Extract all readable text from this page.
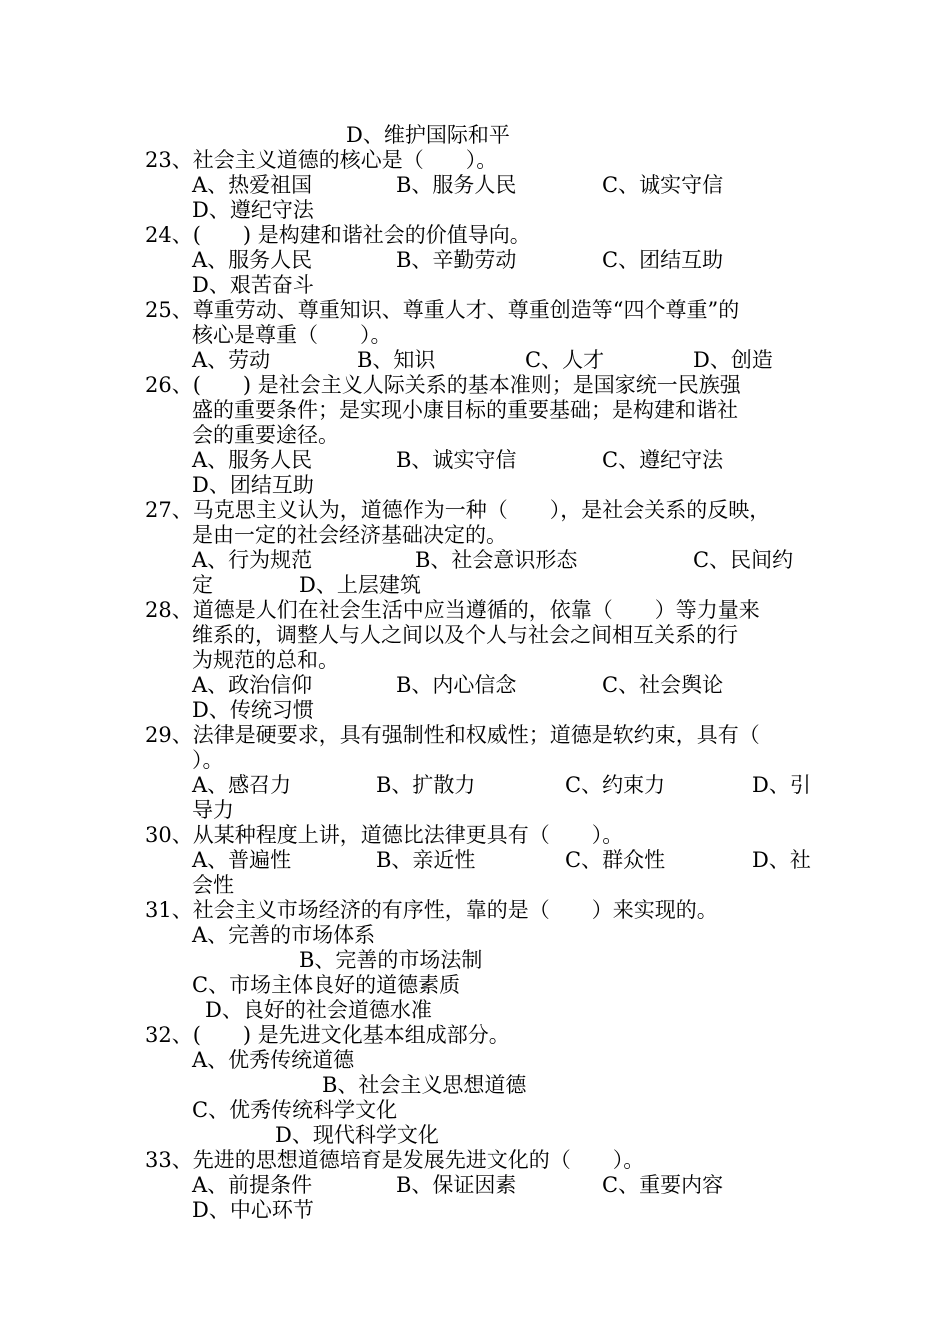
D、维护国际和平
23、社会主义道德的核心是（　　）。
A、热爱祖国	B、服务人民	C、诚实守信
D、遵纪守法
24、(　　) 是构建和谐社会的价值导向。
A、服务人民	B、辛勤劳动	C、团结互助
D、艰苦奋斗
25、尊重劳动、尊重知识、尊重人才、尊重创造等“四个尊重”的
核心是尊重（　　）。
A、劳动	B、知识	C、人才	D、创造
26、(　　) 是社会主义人际关系的基本准则；是国家统一民族强
盛的重要条件；是实现小康目标的重要基础；是构建和谐社
会的重要途径。
A、服务人民	B、诚实守信	C、遵纪守法
D、团结互助
27、马克思主义认为，道德作为一种（　　），是社会关系的反映，
是由一定的社会经济基础决定的。
A、行为规范	B、社会意识形态	C、民间约
定	D、上层建筑
28、道德是人们在社会生活中应当遵循的，依靠（　　）等力量来
维系的，调整人与人之间以及个人与社会之间相互关系的行
为规范的总和。
A、政治信仰	B、内心信念	C、社会舆论
D、传统习惯
29、法律是硬要求，具有强制性和权威性；道德是软约束，具有（
）。
A、感召力	B、扩散力	C、约束力	D、引
导力
30、从某种程度上讲，道德比法律更具有（　　）。
A、普遍性	B、亲近性	C、群众性	D、社
会性
31、社会主义市场经济的有序性，靠的是（　　）来实现的。
A、完善的市场体系
B、完善的市场法制
C、市场主体良好的道德素质
D、良好的社会道德水准
32、(　　) 是先进文化基本组成部分。
A、优秀传统道德
B、社会主义思想道德
C、优秀传统科学文化
D、现代科学文化
33、先进的思想道德培育是发展先进文化的（　　）。
A、前提条件	B、保证因素	C、重要内容
D、中心环节
